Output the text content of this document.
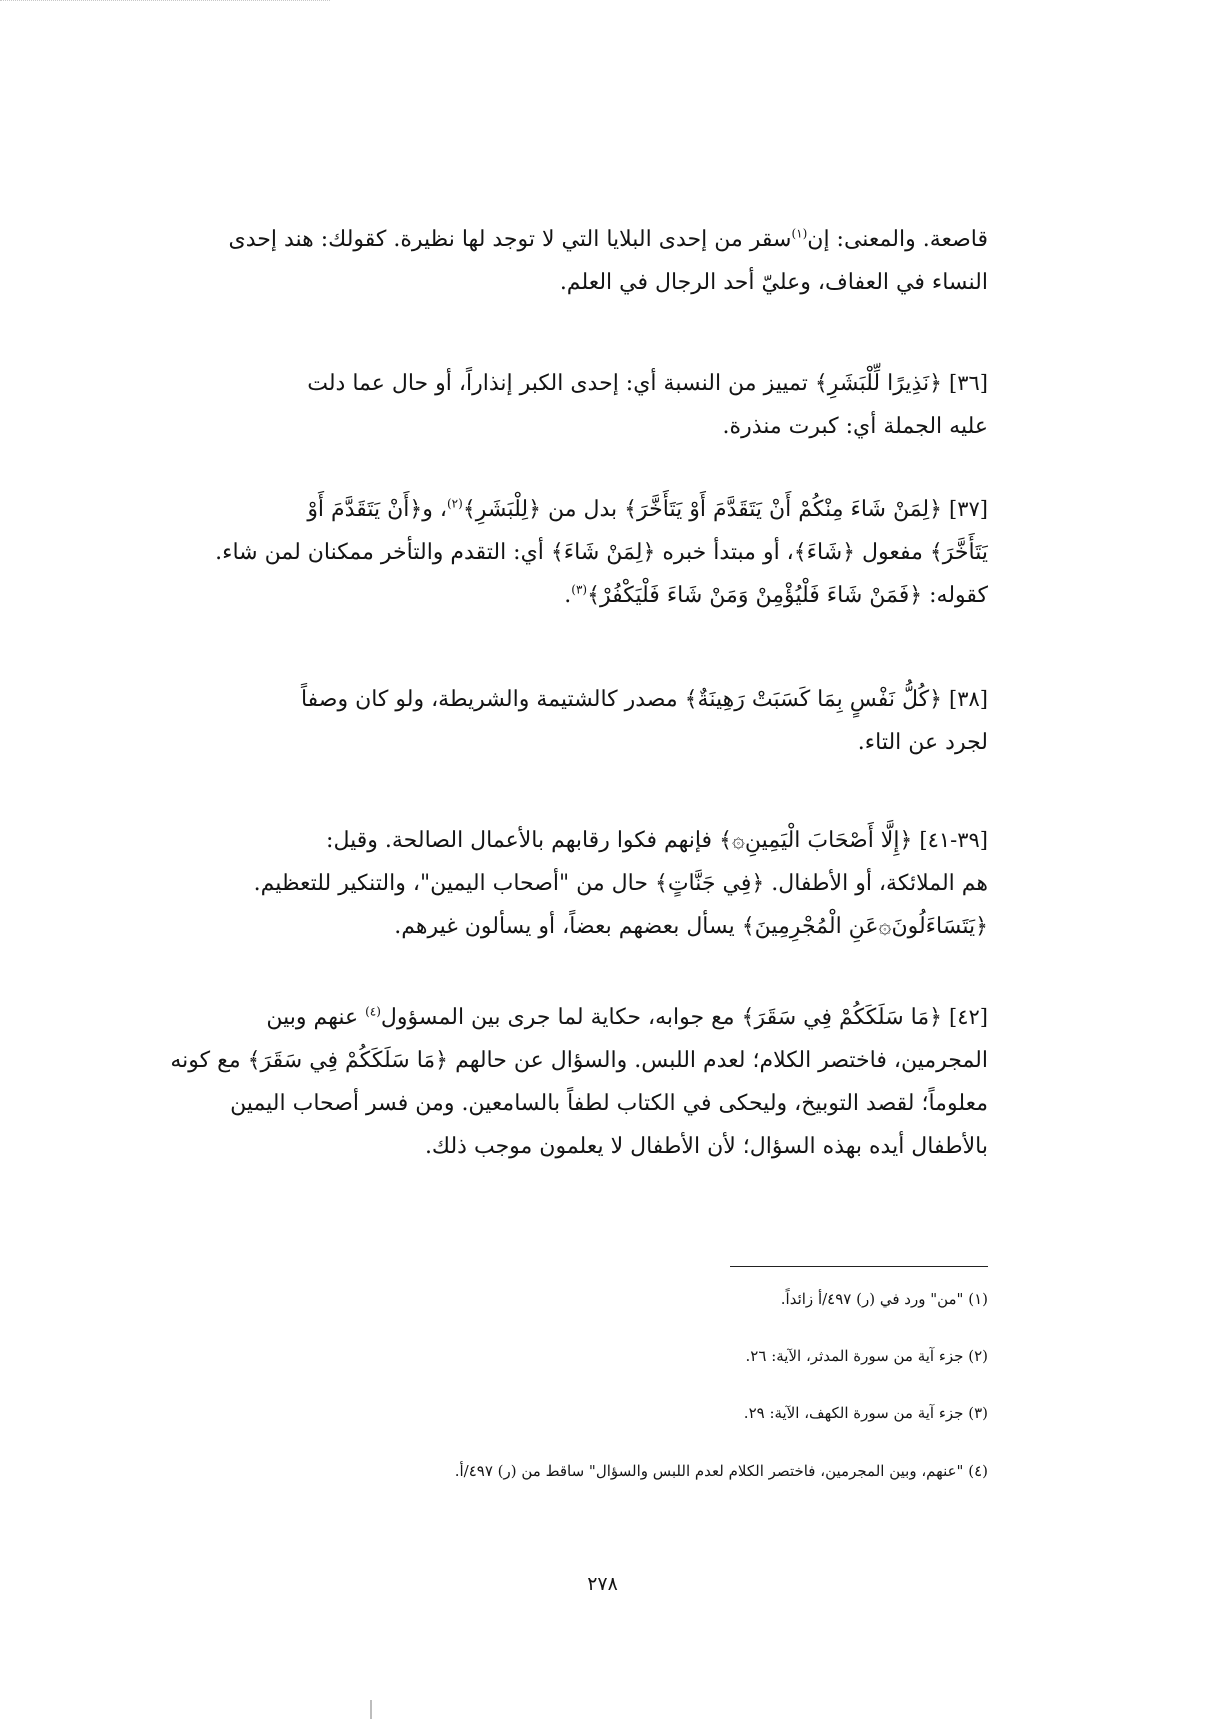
قاصعة. والمعنى: إن$^{(١)}$سقر من إحدى البلايا التي لا توجد لها نظيرة. كقولك: هند إحدى
النساء في العفاف، وعليّ أحد الرجال في العلم.
[٣٦] ﴿نَذِيرًا لِّلْبَشَرِ﴾ تمييز من النسبة أي: إحدى الكبر إنذاراً، أو حال عما دلت
عليه الجملة أي: كبرت منذرة.
[٣٧] ﴿لِمَنْ شَاءَ مِنْكُمْ أَنْ يَتَقَدَّمَ أَوْ يَتَأَخَّرَ﴾ بدل من ﴿لِلْبَشَرِ﴾$^{(٢)}$، و﴿أَنْ يَتَقَدَّمَ أَوْ
يَتَأَخَّرَ﴾ مفعول ﴿شَاءَ﴾، أو مبتدأ خبره ﴿لِمَنْ شَاءَ﴾ أي: التقدم والتأخر ممكنان لمن شاء.
كقوله: ﴿فَمَنْ شَاءَ فَلْيُؤْمِنْ وَمَنْ شَاءَ فَلْيَكْفُرْ﴾$^{(٣)}$.
[٣٨] ﴿كُلُّ نَفْسٍ بِمَا كَسَبَتْ رَهِينَةٌ﴾ مصدر كالشتيمة والشريطة، ولو كان وصفاً
لجرد عن التاء.
[٣٩-٤١] ﴿إِلَّا أَصْحَابَ الْيَمِينِ۞﴾ فإنهم فكوا رقابهم بالأعمال الصالحة. وقيل:
هم الملائكة، أو الأطفال. ﴿فِي جَنَّاتٍ﴾ حال من "أصحاب اليمين"، والتنكير للتعظيم.
﴿يَتَسَاءَلُونَ۞عَنِ الْمُجْرِمِينَ﴾ يسأل بعضهم بعضاً، أو يسألون غيرهم.
[٤٢] ﴿مَا سَلَكَكُمْ فِي سَقَرَ﴾ مع جوابه، حكاية لما جرى بين المسؤول$^{(٤)}$ عنهم وبين
المجرمين، فاختصر الكلام؛ لعدم اللبس. والسؤال عن حالهم ﴿مَا سَلَكَكُمْ فِي سَقَرَ﴾ مع كونه
معلوماً؛ لقصد التوبيخ، وليحكى في الكتاب لطفاً بالسامعين. ومن فسر أصحاب اليمين
بالأطفال أيده بهذه السؤال؛ لأن الأطفال لا يعلمون موجب ذلك.
(١) "من" ورد في (ر) ٤٩٧/أ زائداً.
(٢) جزء آية من سورة المدثر، الآية: ٢٦.
(٣) جزء آية من سورة الكهف، الآية: ٢٩.
(٤) "عنهم، وبين المجرمين، فاختصر الكلام لعدم اللبس والسؤال" ساقط من (ر) ٤٩٧/أ.
٢٧٨
